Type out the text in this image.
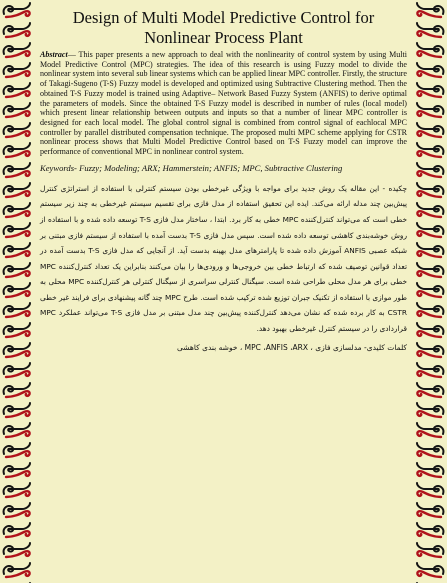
Design of Multi Model Predictive Control for Nonlinear Process Plant
Abstract— This paper presents a new approach to deal with the nonlinearity of control system by using Multi Model Predictive Control (MPC) strategies. The idea of this research is using Fuzzy model to divide the nonlinear system into several sub linear systems which can be applied linear MPC controller. Firstly, the structure of Takagi-Sugeno (T-S) Fuzzy model is developed and optimized using Subtractive Clustering method. Then the obtained T-S Fuzzy model is trained using Adaptive– Network Based Fuzzy System (ANFIS) to derive optimal the parameters of models. Since the obtained T-S Fuzzy model is described in number of rules (local model) which present linear relationship between outputs and inputs so that a number of linear MPC controller is designed for each local model. The global control signal is combined from control signal of eachlocal MPC controller by parallel distributed compensation technique. The proposed multi MPC scheme applying for CSTR nonlinear process shows that Multi Model Predictive Control based on T-S Fuzzy model can improve the performance of conventional MPC in nonlinear control system.
Keywords- Fuzzy; Modeling; ARX; Hammerstein; ANFIS; MPC, Subtractive Clustering
چکیده - این مقاله یک روش جدید برای مواجه با ویژگی غیرخطی بودن سیستم کنترلی با استفاده از استراتژی کنترل پیش‌بین چند مدله ارائه می‌کند. ایده این تحقیق استفاده از مدل فازی برای تقسیم سیستم غیرخطی به چند زیر سیستم خطی است که می‌تواند کنترل‌کننده MPC خطی به کار برد. ابتدا ، ساختار مدل فازی T-S توسعه داده شده و با استفاده از روش خوشه‌بندی کاهشی توسعه داده شده است. سپس مدل فازی T-S بدست آمده با استفاده از سیستم فازی مبتنی بر شبکه عصبی ANFIS آموزش داده شده تا پارامترهای مدل بهینه بدست آید. از آنجایی که مدل فازی T-S بدست آمده در تعداد قوانین توصیف شده که ارتباط خطی بین خروجی‌ها و ورودی‌ها را بیان می‌کنند بنابراین یک تعداد کنترل‌کننده MPC خطی برای هر مدل محلی طراحی شده است. سیگنال کنترلی سراسری از سیگنال کنترلی هر کنترل‌کننده MPC محلی به طور موازی با استفاده از تکنیک جبران توزیع شده ترکیب شده است. طرح MPC چند گانه پیشنهادی برای فرایند غیر خطی CSTR به کار برده شده که نشان می‌دهد کنترل‌کننده پیش‌بین چند مدل مبتنی بر مدل فازی T-S می‌تواند عملکرد MPC قراردادی را در سیستم کنترل غیرخطی بهبود دهد.
کلمات کلیدی- مدلسازی فازی ، MPC ،ANFIS ،ARX ، خوشه بندی کاهشی
